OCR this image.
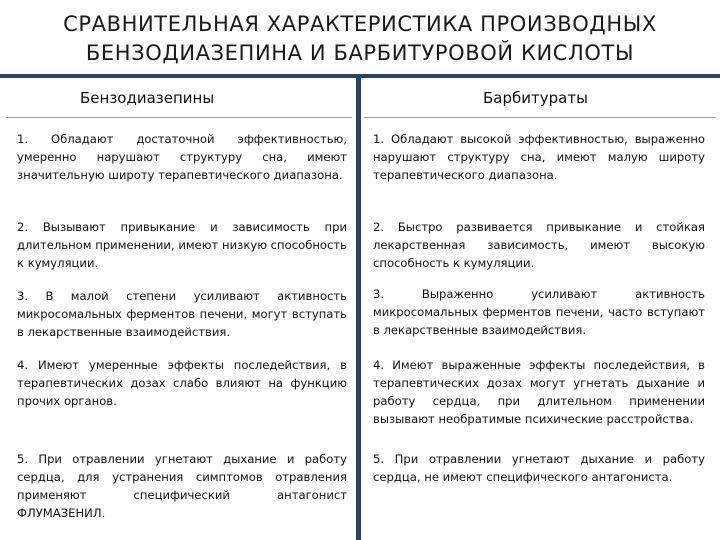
СРАВНИТЕЛЬНАЯ ХАРАКТЕРИСТИКА ПРОИЗВОДНЫХ
БЕНЗОДИАЗЕПИНА И БАРБИТУРОВОЙ КИСЛОТЫ
Бензодиазепины	Барбитураты
1. Обладают достаточной эффективностью, умеренно нарушают структуру сна, имеют значительную широту терапевтического диапазона.
1. Обладают высокой эффективностью, выраженно нарушают структуру сна, имеют малую широту терапевтического диапазона.
2. Вызывают привыкание и зависимость при длительном применении, имеют низкую способность к кумуляции.
2. Быстро развивается привыкание и стойкая лекарственная зависимость, имеют высокую способность к кумуляции.
3. В малой степени усиливают активность микросомальных ферментов печени, могут вступать в лекарственные взаимодействия.
3. Выраженно усиливают активность микросомальных ферментов печени, часто вступают в лекарственные взаимодействия.
4. Имеют умеренные эффекты последействия, в терапевтических дозах слабо влияют на функцию прочих органов.
4. Имеют выраженные эффекты последействия, в терапевтических дозах могут угнетать дыхание и работу сердца, при длительном применении вызывают необратимые психические расстройства.
5. При отравлении угнетают дыхание и работу сердца, для устранения симптомов отравления применяют специфический антагонист ФЛУМАЗЕНИЛ.
5. При отравлении угнетают дыхание и работу сердца, не имеют специфического антагониста.
